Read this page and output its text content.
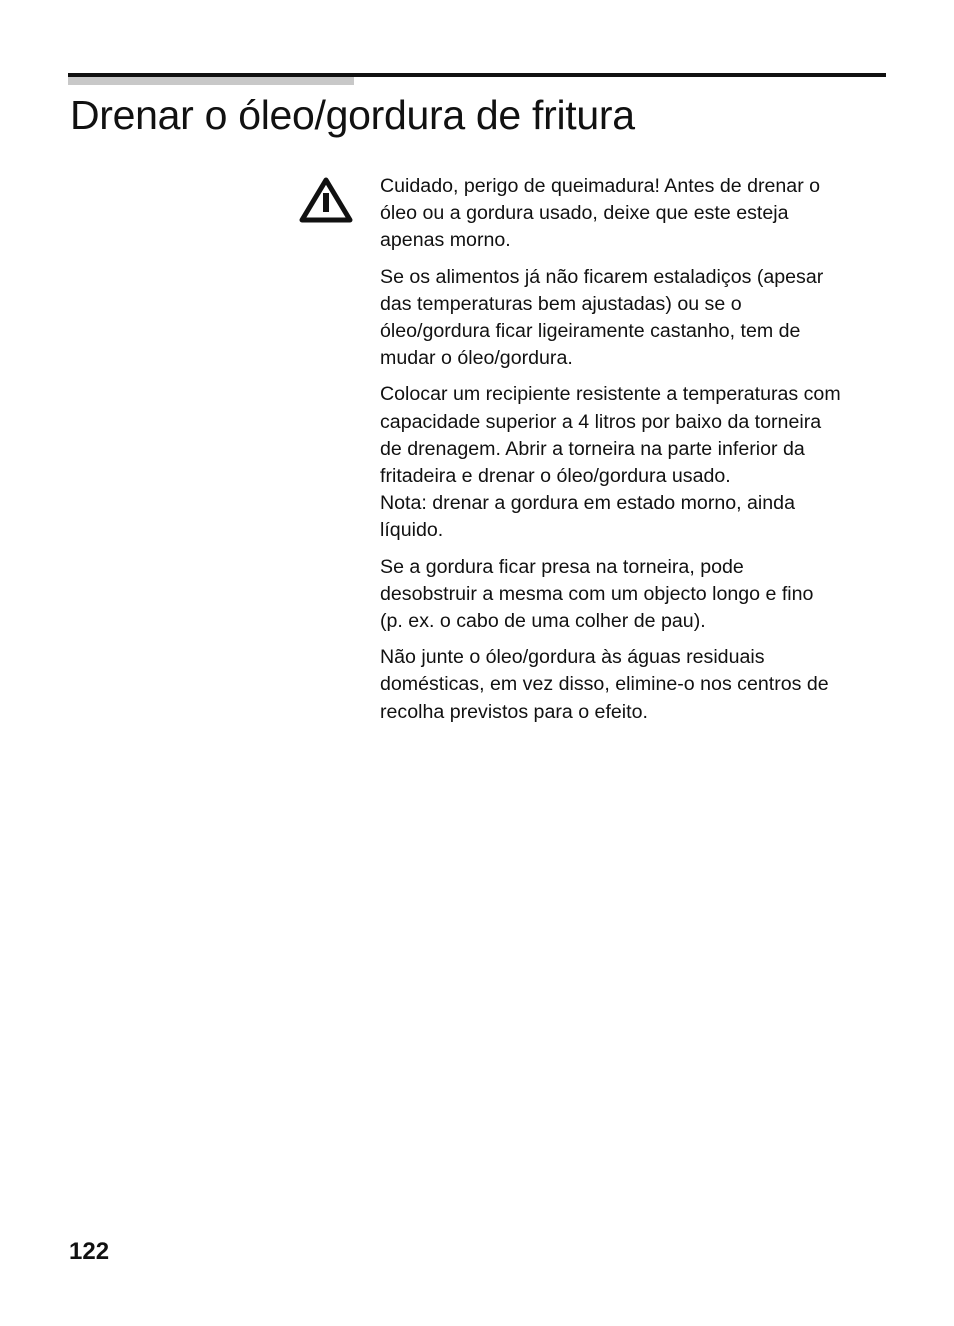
Drenar o óleo/gordura de fritura

Cuidado, perigo de queimadura! Antes de drenar o
óleo ou a gordura usado, deixe que este esteja
apenas morno.

Se os alimentos já não ficarem estaladiços (apesar
das temperaturas bem ajustadas) ou se o
óleo/gordura ficar ligeiramente castanho, tem de
mudar o óleo/gordura.

Colocar um recipiente resistente a temperaturas com
capacidade superior a 4 litros por baixo da torneira
de drenagem. Abrir a torneira na parte inferior da
fritadeira e drenar o óleo/gordura usado.
Nota: drenar a gordura em estado morno, ainda
líquido.

Se a gordura ficar presa na torneira, pode
desobstruir a mesma com um objecto longo e fino
(p. ex. o cabo de uma colher de pau).

Não junte o óleo/gordura às águas residuais
domésticas, em vez disso, elimine-o nos centros de
recolha previstos para o efeito.

122
